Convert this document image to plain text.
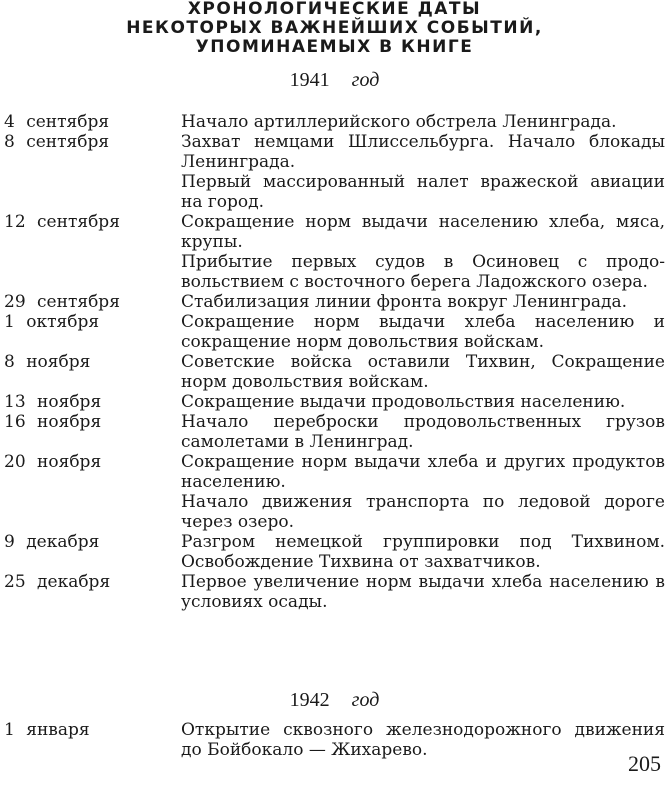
ХРОНОЛОГИЧЕСКИЕ ДАТЫ
НЕКОТОРЫХ ВАЖНЕЙШИХ СОБЫТИЙ,
УПОМИНАЕМЫХ В КНИГЕ
1941 год
4 сентября	Начало артиллерийского обстрела Ленинграда.
8 сентября	Захват немцами Шлиссельбурга. Начало блокады Ленинграда.
Первый массированный налет вражеской авиации на город.
12 сентября	Сокращение норм выдачи населению хлеба, мяса, крупы.
Прибытие первых судов в Осиновец с продовольствием с восточного берега Ладожского озера.
29 сентября	Стабилизация линии фронта вокруг Ленинграда.
1 октября	Сокращение норм выдачи хлеба населению и сокращение норм довольствия войскам.
8 ноября	Советские войска оставили Тихвин, Сокращение норм довольствия войскам.
13 ноября	Сокращение выдачи продовольствия населению.
16 ноября	Начало переброски продовольственных грузов самолетами в Ленинград.
20 ноября	Сокращение норм выдачи хлеба и других продуктов населению.
Начало движения транспорта по ледовой дороге через озеро.
9 декабря	Разгром немецкой группировки под Тихвином. Освобождение Тихвина от захватчиков.
25 декабря	Первое увеличение норм выдачи хлеба населению в условиях осады.
1942 год
1 января	Открытие сквозного железнодорожного движения до Бойбокало — Жихарево.
205
